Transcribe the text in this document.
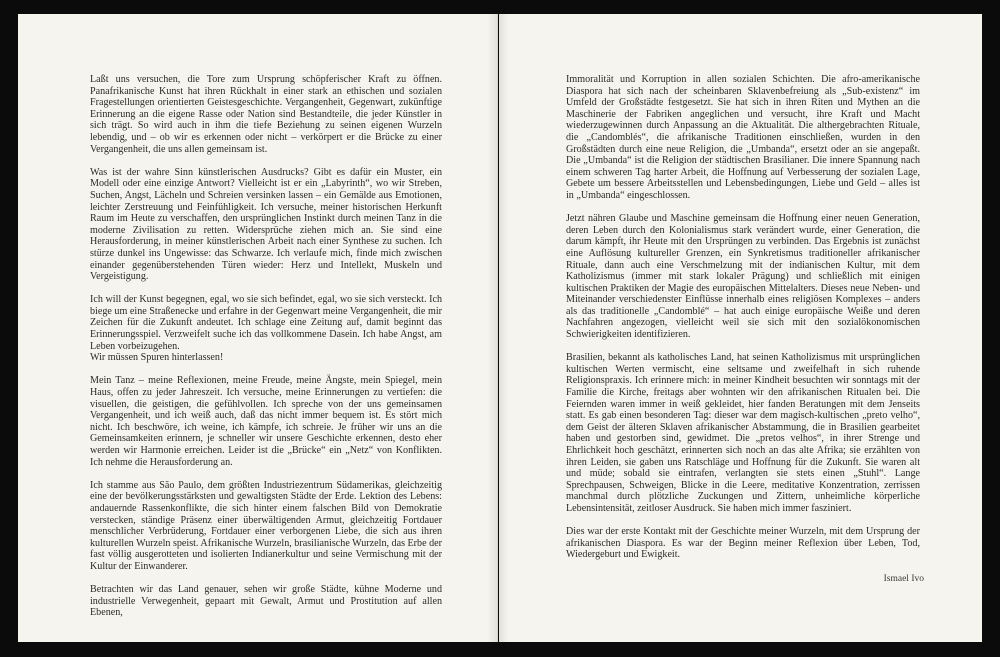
Laßt uns versuchen, die Tore zum Ursprung schöpferischer Kraft zu öffnen. Panafrikanische Kunst hat ihren Rückhalt in einer stark an ethischen und sozialen Fragestellungen orientierten Geistesgeschichte. Vergangenheit, Gegenwart, zukünftige Erinnerung an die eigene Rasse oder Nation sind Bestandteile, die jeder Künstler in sich trägt. So wird auch in ihm die tiefe Beziehung zu seinen eigenen Wurzeln lebendig, und – ob wir es erkennen oder nicht – verkörpert er die Brücke zu einer Vergangenheit, die uns allen gemeinsam ist.

Was ist der wahre Sinn künstlerischen Ausdrucks? Gibt es dafür ein Muster, ein Modell oder eine einzige Antwort? Vielleicht ist er ein „Labyrinth“, wo wir Streben, Suchen, Angst, Lächeln und Schreien versinken lassen – ein Gemälde aus Emotionen, leichter Zerstreuung und Feinfühligkeit. Ich versuche, meiner historischen Herkunft Raum im Heute zu verschaffen, den ursprünglichen Instinkt durch meinen Tanz in die moderne Zivilisation zu retten. Widersprüche ziehen mich an. Sie sind eine Herausforderung, in meiner künstlerischen Arbeit nach einer Synthese zu suchen. Ich stürze dunkel ins Ungewisse: das Schwarze. Ich verlaufe mich, finde mich zwischen einander gegenüberstehenden Türen wieder: Herz und Intellekt, Muskeln und Vergeistigung.

Ich will der Kunst begegnen, egal, wo sie sich befindet, egal, wo sie sich versteckt. Ich biege um eine Straßenecke und erfahre in der Gegenwart meine Vergangenheit, die mir Zeichen für die Zukunft andeutet. Ich schlage eine Zeitung auf, damit beginnt das Erinnerungsspiel. Verzweifelt suche ich das vollkommene Dasein. Ich habe Angst, am Leben vorbeizugehen.
Wir müssen Spuren hinterlassen!

Mein Tanz – meine Reflexionen, meine Freude, meine Ängste, mein Spiegel, mein Haus, offen zu jeder Jahreszeit. Ich versuche, meine Erinnerungen zu vertiefen: die visuellen, die geistigen, die gefühlvollen. Ich spreche von der uns gemeinsamen Vergangenheit, und ich weiß auch, daß das nicht immer bequem ist. Es stört mich nicht. Ich beschwöre, ich weine, ich kämpfe, ich schreie. Je früher wir uns an die Gemeinsamkeiten erinnern, je schneller wir unsere Geschichte erkennen, desto eher werden wir Harmonie erreichen. Leider ist die „Brücke“ ein „Netz“ von Konflikten. Ich nehme die Herausforderung an.

Ich stamme aus São Paulo, dem größten Industriezentrum Südamerikas, gleichzeitig eine der bevölkerungsstärksten und gewaltigsten Städte der Erde. Lektion des Lebens: andauernde Rassenkonflikte, die sich hinter einem falschen Bild von Demokratie verstecken, ständige Präsenz einer überwältigenden Armut, gleichzeitig Fortdauer menschlicher Verbrüderung, Fortdauer einer verborgenen Liebe, die sich aus ihren kulturellen Wurzeln speist. Afrikanische Wurzeln, brasilianische Wurzeln, das Erbe der fast völlig ausgerotteten und isolierten Indianerkultur und seine Vermischung mit der Kultur der Einwanderer.

Betrachten wir das Land genauer, sehen wir große Städte, kühne Moderne und industrielle Verwegenheit, gepaart mit Gewalt, Armut und Prostitution auf allen Ebenen,

Immoralität und Korruption in allen sozialen Schichten. Die afro-amerikanische Diaspora hat sich nach der scheinbaren Sklavenbefreiung als „Sub-existenz“ im Umfeld der Großstädte festgesetzt. Sie hat sich in ihren Riten und Mythen an die Maschinerie der Fabriken angeglichen und versucht, ihre Kraft und Macht wiederzugewinnen durch Anpassung an die Aktualität. Die althergebrachten Rituale, die „Candomblés“, die afrikanische Traditionen einschließen, wurden in den Großstädten durch eine neue Religion, die „Umbanda“, ersetzt oder an sie angepaßt. Die „Umbanda“ ist die Religion der städtischen Brasilianer. Die innere Spannung nach einem schweren Tag harter Arbeit, die Hoffnung auf Verbesserung der sozialen Lage, Gebete um bessere Arbeitsstellen und Lebensbedingungen, Liebe und Geld – alles ist in „Umbanda“ eingeschlossen.

Jetzt nähren Glaube und Maschine gemeinsam die Hoffnung einer neuen Generation, deren Leben durch den Kolonialismus stark verändert wurde, einer Generation, die darum kämpft, ihr Heute mit den Ursprüngen zu verbinden. Das Ergebnis ist zunächst eine Auflösung kultureller Grenzen, ein Synkretismus traditioneller afrikanischer Rituale, dann auch eine Verschmelzung mit der indianischen Kultur, mit dem Katholizismus (immer mit stark lokaler Prägung) und schließlich mit einigen kultischen Praktiken der Magie des europäischen Mittelalters. Dieses neue Neben- und Miteinander verschiedenster Einflüsse innerhalb eines religiösen Komplexes – anders als das traditionelle „Candomblé“ – hat auch einige europäische Weiße und deren Nachfahren angezogen, vielleicht weil sie sich mit den sozialökonomischen Schwierigkeiten identifizieren.

Brasilien, bekannt als katholisches Land, hat seinen Katholizismus mit ursprünglichen kultischen Werten vermischt, eine seltsame und zweifelhaft in sich ruhende Religionspraxis. Ich erinnere mich: in meiner Kindheit besuchten wir sonntags mit der Familie die Kirche, freitags aber wohnten wir den afrikanischen Ritualen bei. Die Feiernden waren immer in weiß gekleidet, hier fanden Beratungen mit dem Jenseits statt. Es gab einen besonderen Tag: dieser war dem magisch-kultischen „preto velho“, dem Geist der älteren Sklaven afrikanischer Abstammung, die in Brasilien gearbeitet haben und gestorben sind, gewidmet. Die „pretos velhos“, in ihrer Strenge und Ehrlichkeit hoch geschätzt, erinnerten sich noch an das alte Afrika; sie erzählten von ihren Leiden, sie gaben uns Ratschläge und Hoffnung für die Zukunft. Sie waren alt und müde; sobald sie eintrafen, verlangten sie stets einen „Stuhl“. Lange Sprechpausen, Schweigen, Blicke in die Leere, meditative Konzentration, zerrissen manchmal durch plötzliche Zuckungen und Zittern, unheimliche körperliche Lebensintensität, zeitloser Ausdruck. Sie haben mich immer fasziniert.

Dies war der erste Kontakt mit der Geschichte meiner Wurzeln, mit dem Ursprung der afrikanischen Diaspora. Es war der Beginn meiner Reflexion über Leben, Tod, Wiedergeburt und Ewigkeit.

Ismael Ivo
